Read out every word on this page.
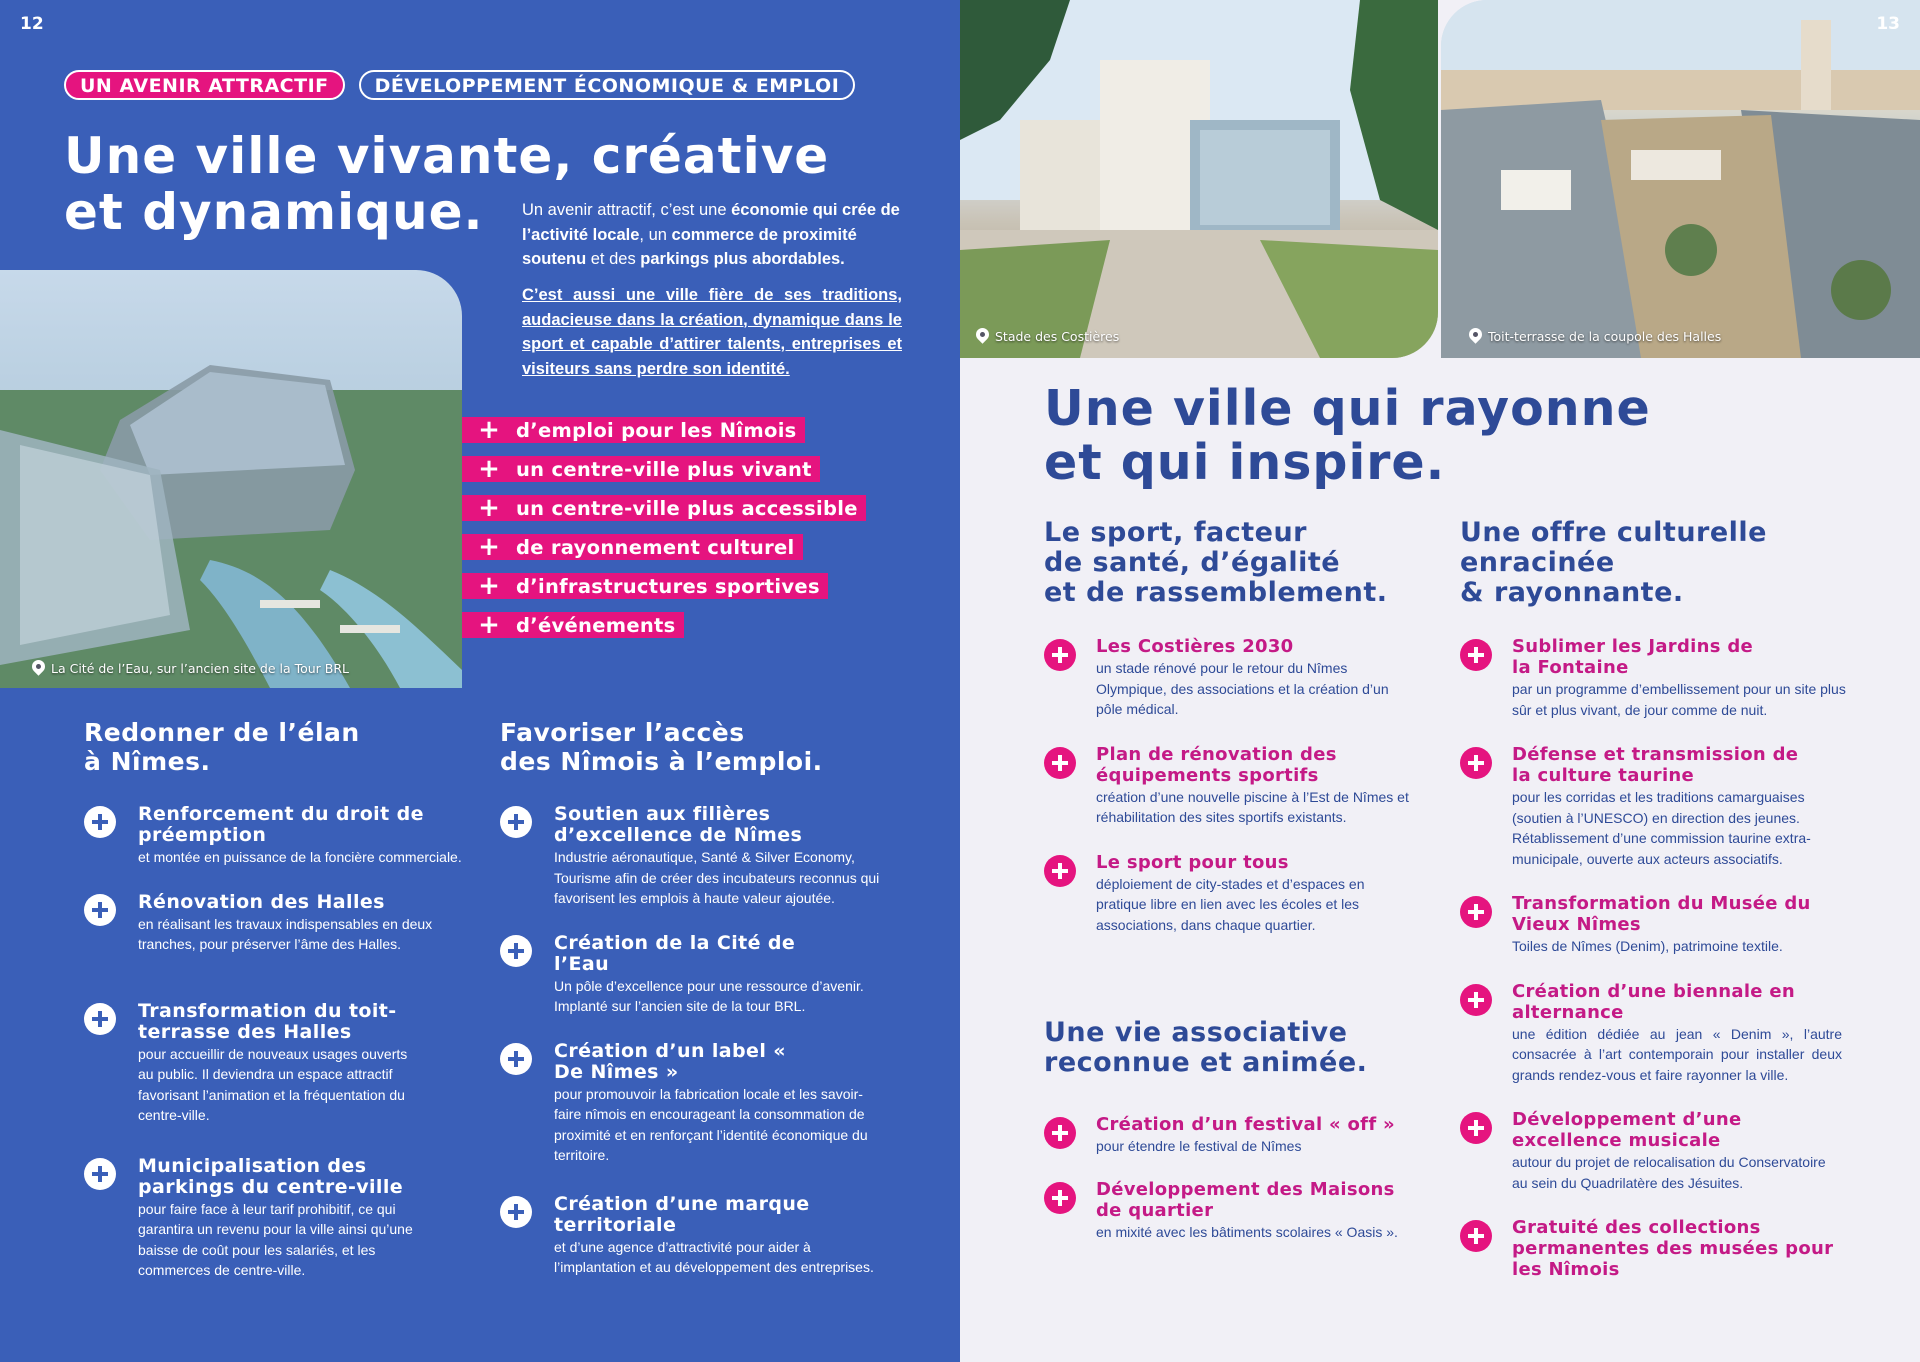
12
UN AVENIR ATTRACTIF	DÉVELOPPEMENT ÉCONOMIQUE & EMPLOI
Une ville vivante, créative
et dynamique.	Un avenir attractif, c’est une économie qui crée de l’activité locale, un commerce de proximité soutenu et des parkings plus abordables.
C’est aussi une ville fière de ses traditions, audacieuse dans la création, dynamique dans le sport et capable d’attirer talents, entreprises et visiteurs sans perdre son identité.
La Cité de l’Eau, sur l’ancien site de la Tour BRL
+ d’emploi pour les Nîmois
+ un centre-ville plus vivant
+ un centre-ville plus accessible
+ de rayonnement culturel
+ d’infrastructures sportives
+ d’événements
Redonner de l’élan
à Nîmes.
Renforcement du droit de préemption
et montée en puissance de la foncière commerciale.
Rénovation des Halles
en réalisant les travaux indispensables en deux tranches, pour préserver l’âme des Halles.
Transformation du toit-terrasse des Halles
pour accueillir de nouveaux usages ouverts au public. Il deviendra un espace attractif favorisant l’animation et la fréquentation du centre-ville.
Municipalisation des parkings du centre-ville
pour faire face à leur tarif prohibitif, ce qui garantira un revenu pour la ville ainsi qu’une baisse de coût pour les salariés, et les commerces de centre-ville.
Favoriser l’accès
des Nîmois à l’emploi.
Soutien aux filières d’excellence de Nîmes
Industrie aéronautique, Santé & Silver Economy, Tourisme afin de créer des incubateurs reconnus qui favorisent les emplois à haute valeur ajoutée.
Création de la Cité de l’Eau
Un pôle d’excellence pour une ressource d’avenir. Implanté sur l’ancien site de la tour BRL.
Création d’un label « De Nîmes »
pour promouvoir la fabrication locale et les savoir-faire nîmois en encourageant la consommation de proximité et en renforçant l’identité économique du territoire.
Création d’une marque territoriale
et d’une agence d’attractivité pour aider à l’implantation et au développement des entreprises.
Stade des Costières	Toit-terrasse de la coupole des Halles
13
Une ville qui rayonne
et qui inspire.
Le sport, facteur
de santé, d’égalité
et de rassemblement.
Les Costières 2030
un stade rénové pour le retour du Nîmes Olympique, des associations et la création d’un pôle médical.
Plan de rénovation des équipements sportifs
création d’une nouvelle piscine à l’Est de Nîmes et réhabilitation des sites sportifs existants.
Le sport pour tous
déploiement de city-stades et d’espaces en pratique libre en lien avec les écoles et les associations, dans chaque quartier.
Une vie associative
reconnue et animée.
Création d’un festival « off »
pour étendre le festival de Nîmes
Développement des Maisons de quartier
en mixité avec les bâtiments scolaires « Oasis ».
Une offre culturelle
enracinée
& rayonnante.
Sublimer les Jardins de la Fontaine
par un programme d’embellissement pour un site plus sûr et plus vivant, de jour comme de nuit.
Défense et transmission de la culture taurine
pour les corridas et les traditions camarguaises (soutien à l’UNESCO) en direction des jeunes. Rétablissement d’une commission taurine extra-municipale, ouverte aux acteurs associatifs.
Transformation du Musée du Vieux Nîmes
Toiles de Nîmes (Denim), patrimoine textile.
Création d’une biennale en alternance
une édition dédiée au jean « Denim », l’autre consacrée à l’art contemporain pour installer deux grands rendez-vous et faire rayonner la ville.
Développement d’une excellence musicale
autour du projet de relocalisation du Conservatoire au sein du Quadrilatère des Jésuites.
Gratuité des collections permanentes des musées pour les Nîmois
